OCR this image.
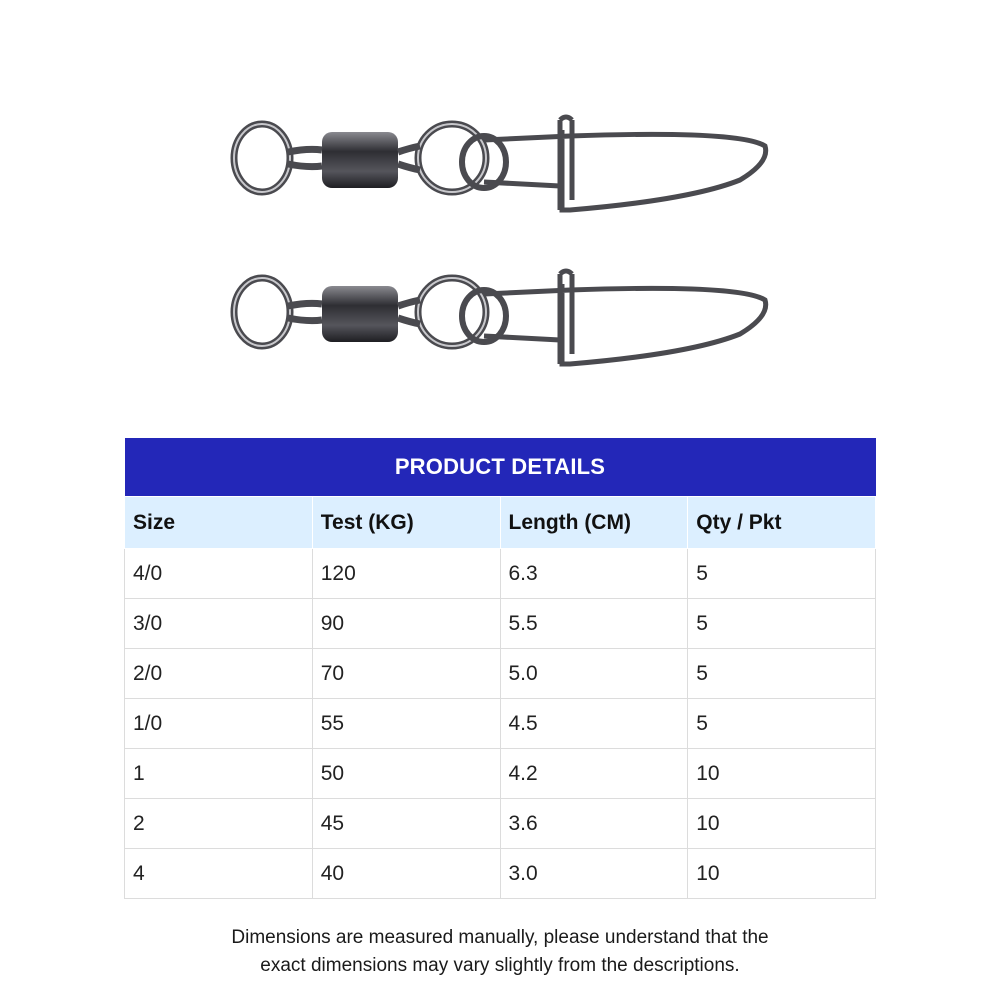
PRODUCT DETAILS			
Size	Test (KG)	Length (CM)	Qty / Pkt
4/0	120	6.3	5
3/0	90	5.5	5
2/0	70	5.0	5
1/0	55	4.5	5
1	50	4.2	10
2	45	3.6	10
4	40	3.0	10
Dimensions are measured manually, please understand that the
exact dimensions may vary slightly from the descriptions.
